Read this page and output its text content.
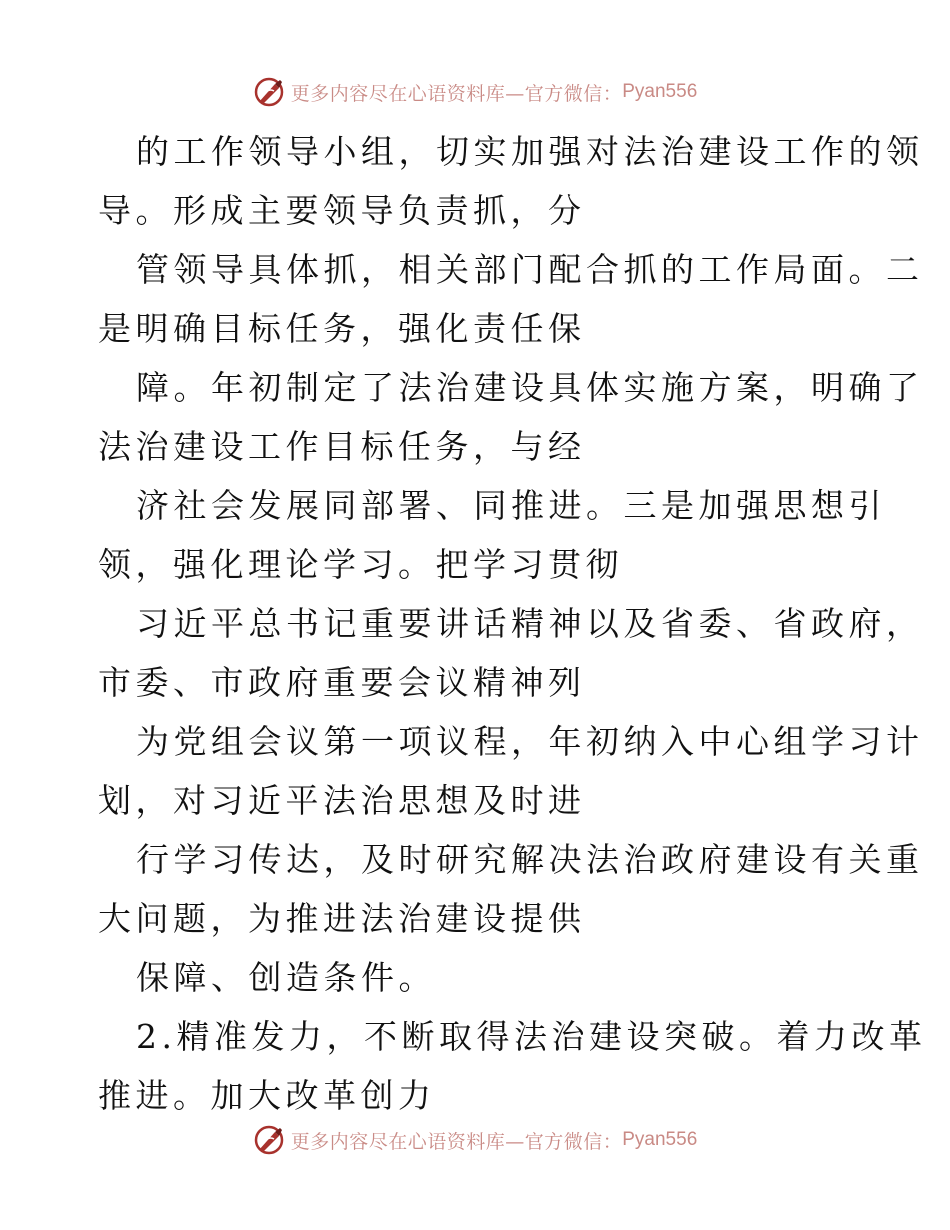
更多内容尽在心语资料库—官方微信： Pyan556
的工作领导小组，切实加强对法治建设工作的领
导。形成主要领导负责抓，分
管领导具体抓，相关部门配合抓的工作局面。二
是明确目标任务，强化责任保
障。年初制定了法治建设具体实施方案，明确了
法治建设工作目标任务，与经
济社会发展同部署、同推进。三是加强思想引
领，强化理论学习。把学习贯彻
习近平总书记重要讲话精神以及省委、省政府，
市委、市政府重要会议精神列
为党组会议第一项议程，年初纳入中心组学习计
划，对习近平法治思想及时进
行学习传达，及时研究解决法治政府建设有关重
大问题，为推进法治建设提供
保障、创造条件。
2.精准发力，不断取得法治建设突破。着力改革
推进。加大改革创力
更多内容尽在心语资料库—官方微信： Pyan556
